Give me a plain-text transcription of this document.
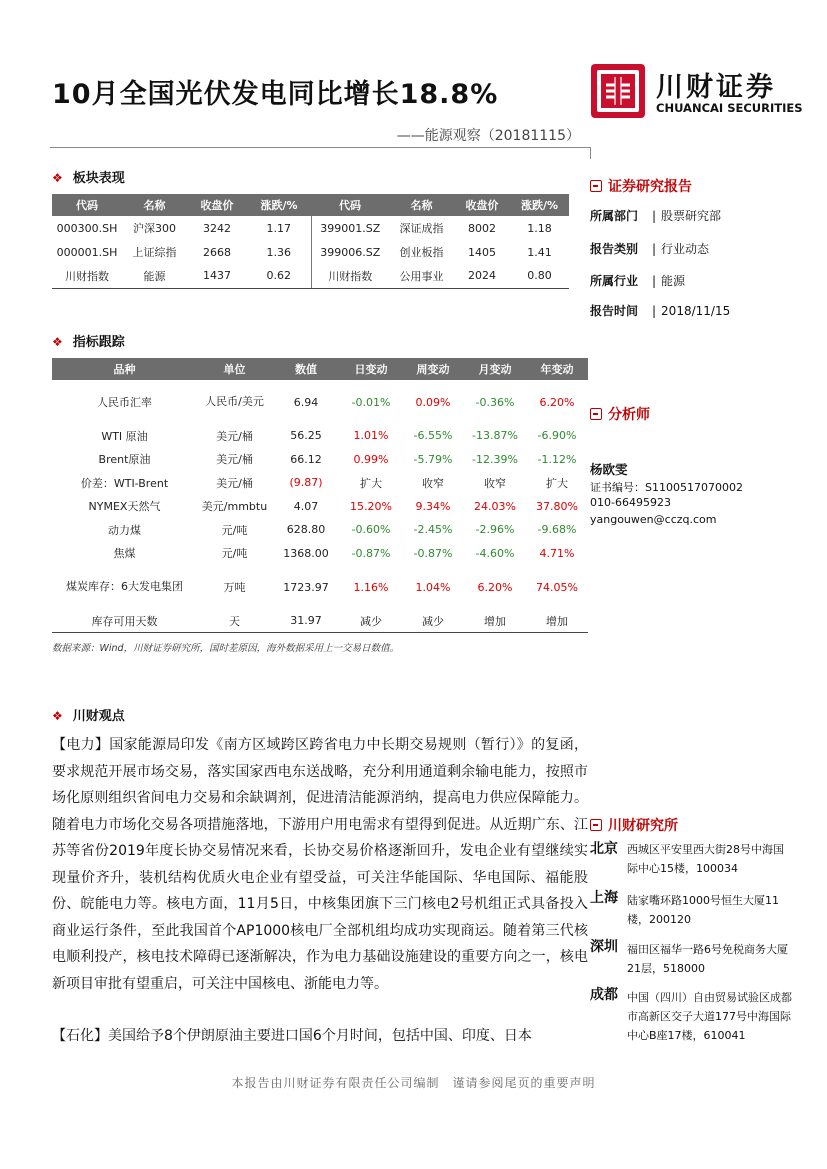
10月全国光伏发电同比增长18.8%
——能源观察（20181115）
川财证券
CHUANCAI SECURITIES
❖ 板块表现
代码	名称	收盘价	涨跌/%	代码	名称	收盘价	涨跌/%
000300.SH	沪深300	3242	1.17	399001.SZ	深证成指	8002	1.18
000001.SH	上证综指	2668	1.36	399006.SZ	创业板指	1405	1.41
川财指数	能源	1437	0.62	川财指数	公用事业	2024	0.80
❖ 指标跟踪
品种	单位	数值	日变动	周变动	月变动	年变动
人民币汇率	人民币/美元	6.94	-0.01%	0.09%	-0.36%	6.20%
WTI 原油	美元/桶	56.25	1.01%	-6.55%	-13.87%	-6.90%
Brent原油	美元/桶	66.12	0.99%	-5.79%	-12.39%	-1.12%
价差：WTI-Brent	美元/桶	(9.87)	扩大	收窄	收窄	扩大
NYMEX天然气	美元/mmbtu	4.07	15.20%	9.34%	24.03%	37.80%
动力煤	元/吨	628.80	-0.60%	-2.45%	-2.96%	-9.68%
焦煤	元/吨	1368.00	-0.87%	-0.87%	-4.60%	4.71%
煤炭库存：6大发电集团	万吨	1723.97	1.16%	1.04%	6.20%	74.05%
库存可用天数	天	31.97	减少	减少	增加	增加
数据来源：Wind，川财证券研究所，国时差原因，海外数据采用上一交易日数值。
❖ 川财观点
【电力】国家能源局印发《南方区域跨区跨省电力中长期交易规则（暂行）》的复函，要求规范开展市场交易，落实国家西电东送战略，充分利用通道剩余输电能力，按照市场化原则组织省间电力交易和余缺调剂，促进清洁能源消纳，提高电力供应保障能力。随着电力市场化交易各项措施落地，下游用户用电需求有望得到促进。从近期广东、江苏等省份2019年度长协交易情况来看，长协交易价格逐渐回升，发电企业有望继续实现量价齐升，装机结构优质火电企业有望受益，可关注华能国际、华电国际、福能股份、皖能电力等。核电方面，11月5日，中核集团旗下三门核电2号机组正式具备投入商业运行条件，至此我国首个AP1000核电厂全部机组均成功实现商运。随着第三代核电顺利投产，核电技术障碍已逐渐解决，作为电力基础设施建设的重要方向之一，核电新项目审批有望重启，可关注中国核电、浙能电力等。
【石化】美国给予8个伊朗原油主要进口国6个月时间，包括中国、印度、日本
证券研究报告
所属部门 | 股票研究部
报告类别 | 行业动态
所属行业 | 能源
报告时间 | 2018/11/15
分析师
杨欧雯
证书编号：S1100517070002
010-66495923
yangouwen@cczq.com
川财研究所
北京 西城区平安里西大街28号中海国际中心15楼，100034
上海 陆家嘴环路1000号恒生大厦11楼，200120
深圳 福田区福华一路6号免税商务大厦21层，518000
成都 中国（四川）自由贸易试验区成都市高新区交子大道177号中海国际中心B座17楼，610041
本报告由川财证券有限责任公司编制　谨请参阅尾页的重要声明
